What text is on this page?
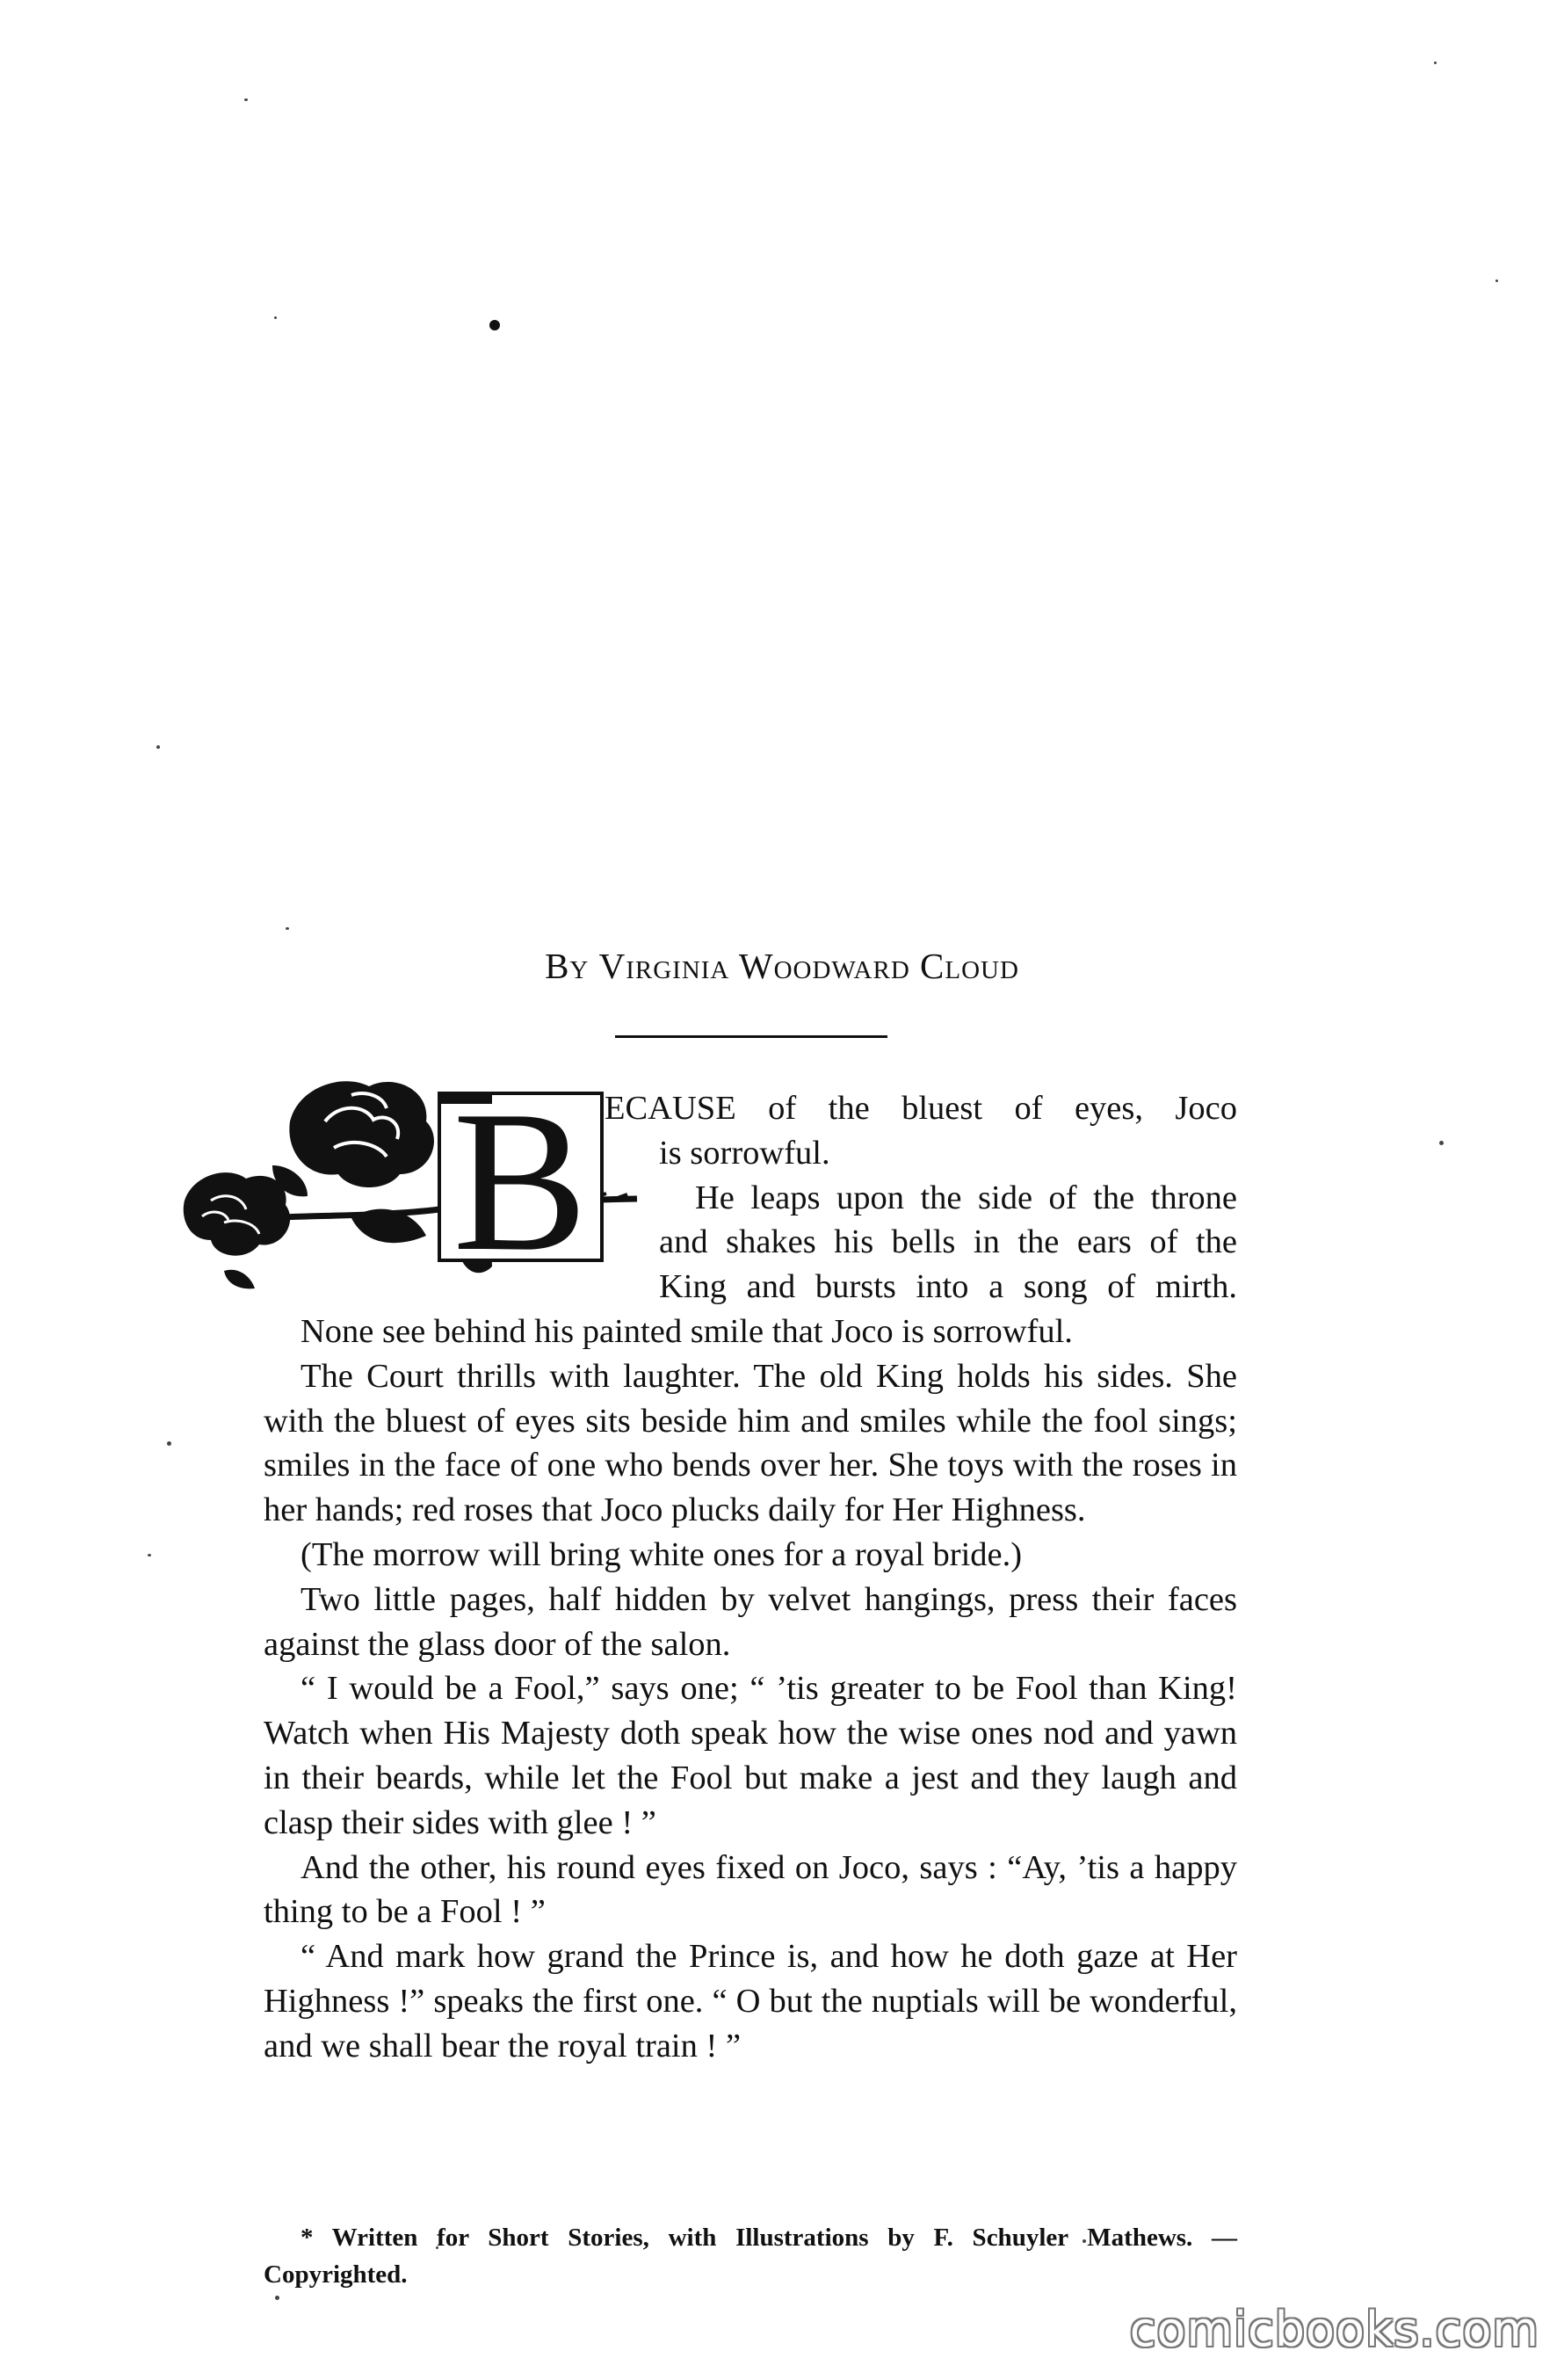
By Virginia Woodward Cloud
B ECAUSE of the bluest of eyes, Joco

is sorrowful.

He leaps upon the side of the throne

and shakes his bells in the ears of the

King and bursts into a song of mirth.

None see behind his painted smile that Joco is sorrowful.

The Court thrills with laughter. The old King holds his sides. She with the bluest of eyes sits beside him and smiles while the fool sings; smiles in the face of one who bends over her. She toys with the roses in her hands; red roses that Joco plucks daily for Her Highness.

(The morrow will bring white ones for a royal bride.)

Two little pages, half hidden by velvet hangings, press their faces against the glass door of the salon.

“ I would be a Fool,” says one; “ ’tis greater to be Fool than King! Watch when His Majesty doth speak how the wise ones nod and yawn in their beards, while let the Fool but make a jest and they laugh and clasp their sides with glee ! ”

And the other, his round eyes fixed on Joco, says : “Ay, ’tis a happy thing to be a Fool ! ”

“ And mark how grand the Prince is, and how he doth gaze at Her Highness !” speaks the first one. “ O but the nuptials will be wonderful, and we shall bear the royal train ! ”

* Written for Short Stories, with Illustrations by F. Schuyler Mathews. —Copyrighted.

comicbooks.com
